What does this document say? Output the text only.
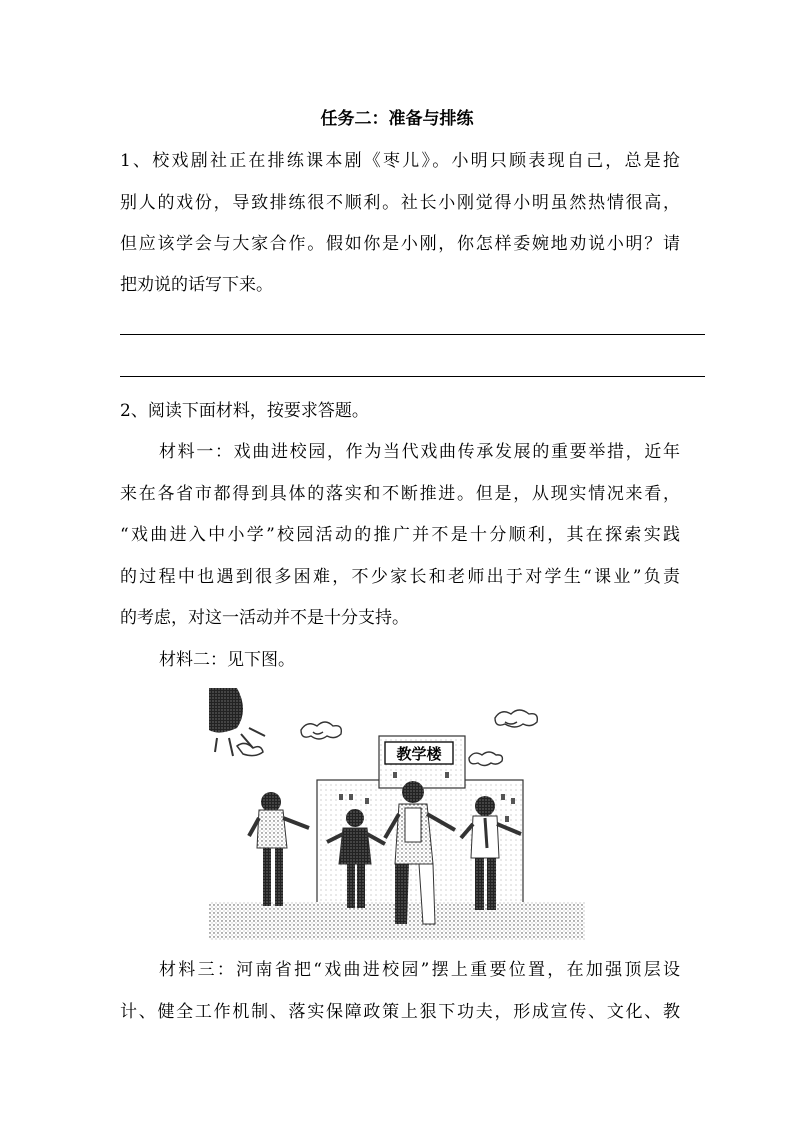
任务二：准备与排练
1、校戏剧社正在排练课本剧《枣儿》。小明只顾表现自己，总是抢
别人的戏份，导致排练很不顺利。社长小刚觉得小明虽然热情很高，
但应该学会与大家合作。假如你是小刚，你怎样委婉地劝说小明？请
把劝说的话写下来。
2、阅读下面材料，按要求答题。
材料一：戏曲进校园，作为当代戏曲传承发展的重要举措，近年
来在各省市都得到具体的落实和不断推进。但是，从现实情况来看，
“戏曲进入中小学”校园活动的推广并不是十分顺利，其在探索实践
的过程中也遇到很多困难，不少家长和老师出于对学生“课业”负责
的考虑，对这一活动并不是十分支持。
材料二：见下图。
教学楼
材料三：河南省把“戏曲进校园”摆上重要位置，在加强顶层设
计、健全工作机制、落实保障政策上狠下功夫，形成宣传、文化、教
